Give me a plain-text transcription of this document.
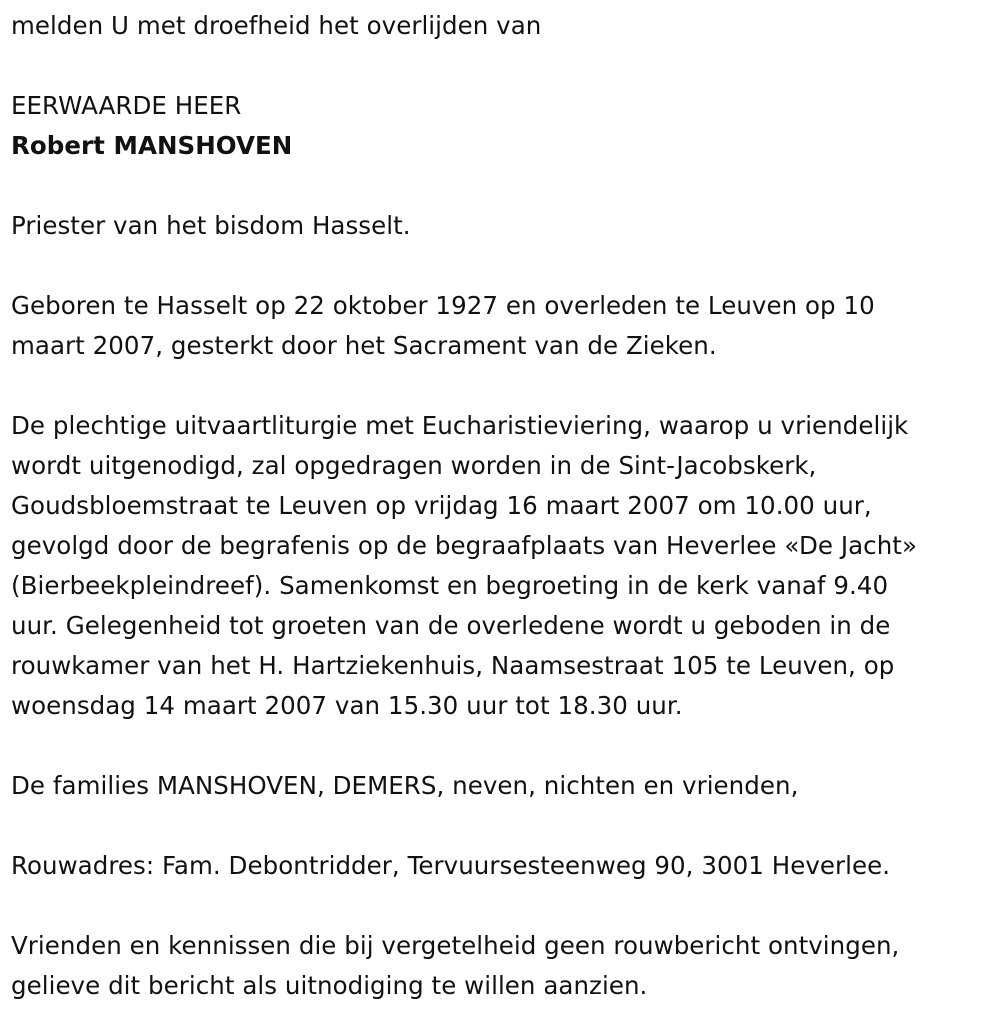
melden U met droefheid het overlijden van
EERWAARDE HEER
Robert MANSHOVEN
Priester van het bisdom Hasselt.
Geboren te Hasselt op 22 oktober 1927 en overleden te Leuven op 10
maart 2007, gesterkt door het Sacrament van de Zieken.
De plechtige uitvaartliturgie met Eucharistieviering, waarop u vriendelijk
wordt uitgenodigd, zal opgedragen worden in de Sint-Jacobskerk,
Goudsbloemstraat te Leuven op vrijdag 16 maart 2007 om 10.00 uur,
gevolgd door de begrafenis op de begraafplaats van Heverlee «De Jacht»
(Bierbeekpleindreef). Samenkomst en begroeting in de kerk vanaf 9.40
uur. Gelegenheid tot groeten van de overledene wordt u geboden in de
rouwkamer van het H. Hartziekenhuis, Naamsestraat 105 te Leuven, op
woensdag 14 maart 2007 van 15.30 uur tot 18.30 uur.
De families MANSHOVEN, DEMERS, neven, nichten en vrienden,
Rouwadres: Fam. Debontridder, Tervuursesteenweg 90, 3001 Heverlee.
Vrienden en kennissen die bij vergetelheid geen rouwbericht ontvingen,
gelieve dit bericht als uitnodiging te willen aanzien.
